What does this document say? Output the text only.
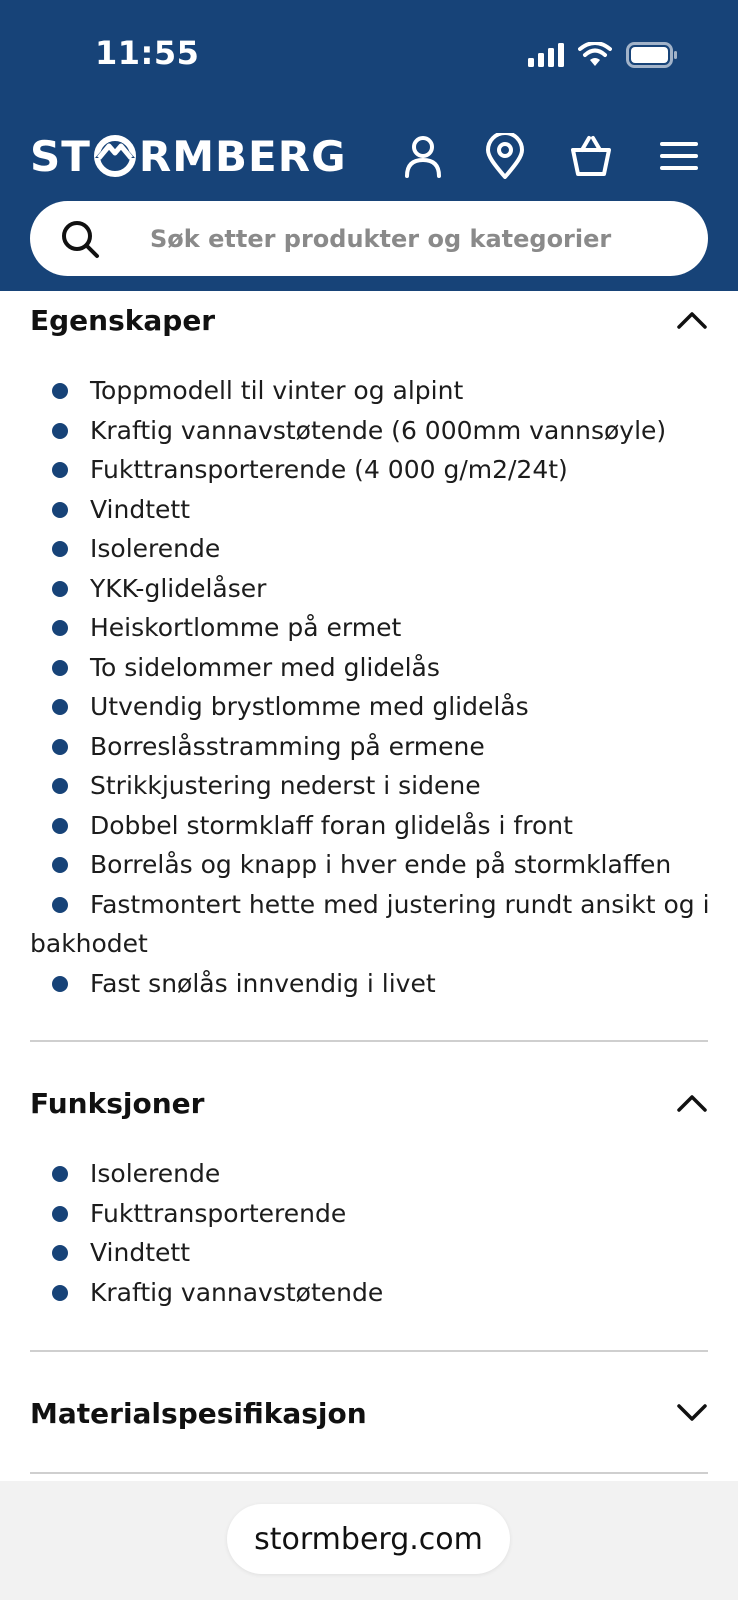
11:55
ST RMBERG
Søk etter produkter og kategorier
Egenskaper
Toppmodell til vinter og alpint
Kraftig vannavstøtende (6 000mm vannsøyle)
Fukttransporterende (4 000 g/m2/24t)
Vindtett
Isolerende
YKK-glidelåser
Heiskortlomme på ermet
To sidelommer med glidelås
Utvendig brystlomme med glidelås
Borreslåsstramming på ermene
Strikkjustering nederst i sidene
Dobbel stormklaff foran glidelås i front
Borrelås og knapp i hver ende på stormklaffen
Fastmontert hette med justering rundt ansikt og i bakhodet
Fast snølås innvendig i livet
Funksjoner
Isolerende
Fukttransporterende
Vindtett
Kraftig vannavstøtende
Materialspesifikasjon
stormberg.com
